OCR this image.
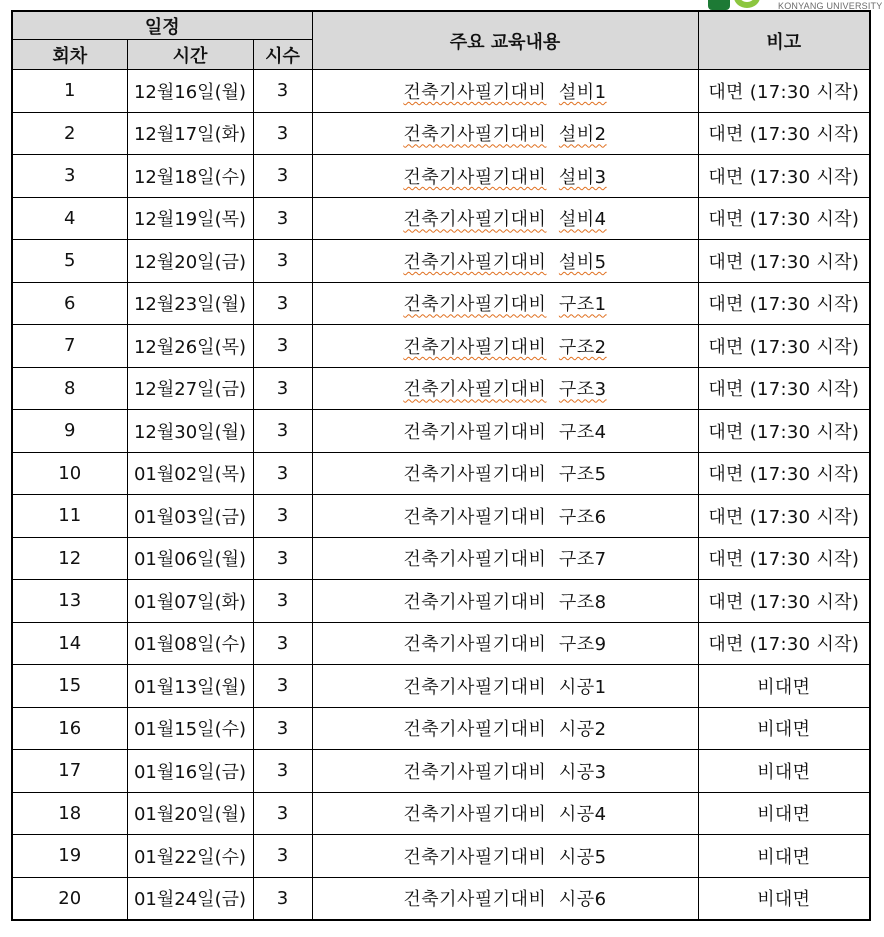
KONYANG UNIVERSITY
일정			주요 교육내용	비고
회차	시간	시수		
1	12월16일(월)	3	건축기사필기대비 설비1	대면 (17:30 시작)
2	12월17일(화)	3	건축기사필기대비 설비2	대면 (17:30 시작)
3	12월18일(수)	3	건축기사필기대비 설비3	대면 (17:30 시작)
4	12월19일(목)	3	건축기사필기대비 설비4	대면 (17:30 시작)
5	12월20일(금)	3	건축기사필기대비 설비5	대면 (17:30 시작)
6	12월23일(월)	3	건축기사필기대비 구조1	대면 (17:30 시작)
7	12월26일(목)	3	건축기사필기대비 구조2	대면 (17:30 시작)
8	12월27일(금)	3	건축기사필기대비 구조3	대면 (17:30 시작)
9	12월30일(월)	3	건축기사필기대비 구조4	대면 (17:30 시작)
10	01월02일(목)	3	건축기사필기대비 구조5	대면 (17:30 시작)
11	01월03일(금)	3	건축기사필기대비 구조6	대면 (17:30 시작)
12	01월06일(월)	3	건축기사필기대비 구조7	대면 (17:30 시작)
13	01월07일(화)	3	건축기사필기대비 구조8	대면 (17:30 시작)
14	01월08일(수)	3	건축기사필기대비 구조9	대면 (17:30 시작)
15	01월13일(월)	3	건축기사필기대비 시공1	비대면
16	01월15일(수)	3	건축기사필기대비 시공2	비대면
17	01월16일(금)	3	건축기사필기대비 시공3	비대면
18	01월20일(월)	3	건축기사필기대비 시공4	비대면
19	01월22일(수)	3	건축기사필기대비 시공5	비대면
20	01월24일(금)	3	건축기사필기대비 시공6	비대면
